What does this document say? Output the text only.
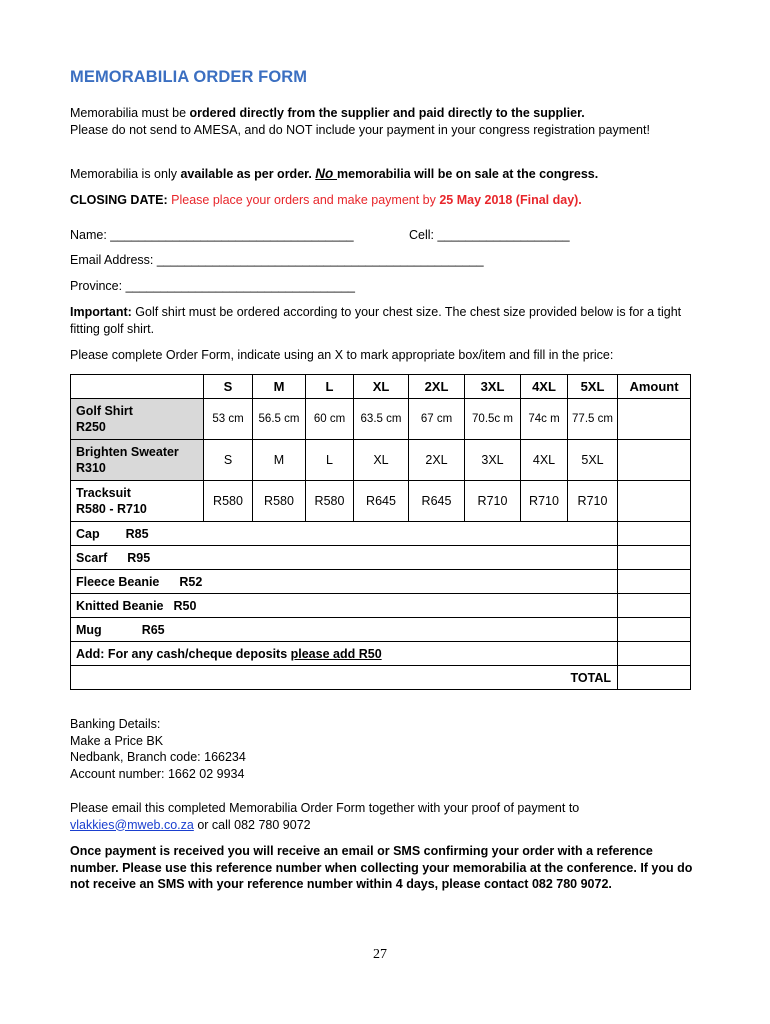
MEMORABILIA ORDER FORM

Memorabilia must be ordered directly from the supplier and paid directly to the supplier.
Please do not send to AMESA, and do NOT include your payment in your congress registration payment!

Memorabilia is only available as per order. No memorabilia will be on sale at the congress.

CLOSING DATE: Please place your orders and make payment by 25 May 2018 (Final day).

Name: ___________________________________	Cell: ___________________

Email Address: _______________________________________________

Province: _________________________________

Important: Golf shirt must be ordered according to your chest size. The chest size provided below is for a tight fitting golf shirt.

Please complete Order Form, indicate using an X to mark appropriate box/item and fill in the price:

	S	M	L	XL	2XL	3XL	4XL	5XL	Amount
Golf Shirt
R250	53 cm	56.5 cm	60 cm	63.5 cm	67 cm	70.5c m	74c m	77.5 cm	
Brighten Sweater
R310	S	M	L	XL	2XL	3XL	4XL	5XL	
Tracksuit
R580 - R710	R580	R580	R580	R645	R645	R710	R710	R710	
Cap R85									
Scarf R95									
Fleece Beanie R52									
Knitted Beanie R50									
Mug R65									
Add: For any cash/cheque deposits please add R50									
TOTAL									

Banking Details:
Make a Price BK
Nedbank, Branch code: 166234
Account number: 1662 02 9934

Please email this completed Memorabilia Order Form together with your proof of payment to
vlakkies@mweb.co.za or call 082 780 9072

Once payment is received you will receive an email or SMS confirming your order with a reference number. Please use this reference number when collecting your memorabilia at the conference. If you do not receive an SMS with your reference number within 4 days, please contact 082 780 9072.

27
